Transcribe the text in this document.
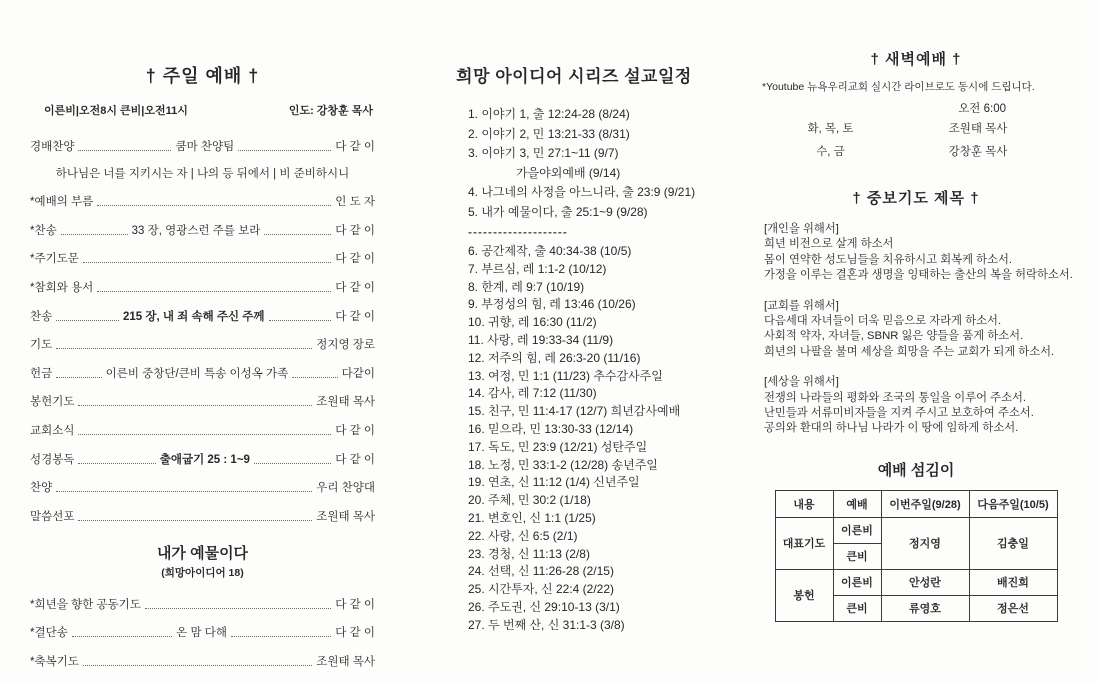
† 주일 예배 †
이른비|오전8시 큰비|오전11시	인도: 강창훈 목사
경배찬양	쿰마 찬양팀	다 같 이
하나님은 너를 지키시는 자 | 나의 등 뒤에서 | 비 준비하시니
*예배의 부름	인 도 자
*찬송	33 장, 영광스런 주를 보라	다 같 이
*주기도문	다 같 이
*참회와 용서	다 같 이
찬송	215 장, 내 죄 속해 주신 주께	다 같 이
기도	정지영 장로
헌금	이른비 중창단/큰비 특송 이성옥 가족	다같이
봉헌기도	조원태 목사
교회소식	다 같 이
성경봉독	출애굽기 25 : 1~9	다 같 이
찬양	우리 찬양대
말씀선포	조원태 목사
내가 예물이다
(희망아이디어 18)
*희년을 향한 공동기도	다 같 이
*결단송	온 맘 다해	다 같 이
*축복기도	조원태 목사
희망 아이디어 시리즈 설교일정
1. 이야기 1, 출 12:24-28 (8/24)
2. 이야기 2, 민 13:21-33 (8/31)
3. 이야기 3, 민 27:1~11 (9/7)
가을야외예배 (9/14)
4. 나그네의 사정을 아느니라, 출 23:9 (9/21)
5. 내가 예물이다, 출 25:1~9 (9/28)
--------------------
6. 공간제작, 출 40:34-38 (10/5)
7. 부르심, 레 1:1-2 (10/12)
8. 한계, 레 9:7 (10/19)
9. 부정성의 힘, 레 13:46 (10/26)
10. 귀향, 레 16:30 (11/2)
11. 사랑, 레 19:33-34 (11/9)
12. 저주의 힘, 레 26:3-20 (11/16)
13. 여정, 민 1:1 (11/23) 추수감사주일
14. 감사, 레 7:12 (11/30)
15. 친구, 민 11:4-17 (12/7) 희년감사예배
16. 믿으라, 민 13:30-33 (12/14)
17. 독도, 민 23:9 (12/21) 성탄주일
18. 노정, 민 33:1-2 (12/28) 송년주일
19. 연초, 신 11:12 (1/4) 신년주일
20. 주체, 민 30:2 (1/18)
21. 변호인, 신 1:1 (1/25)
22. 사랑, 신 6:5 (2/1)
23. 경청, 신 11:13 (2/8)
24. 선택, 신 11:26-28 (2/15)
25. 시간투자, 신 22:4 (2/22)
26. 주도권, 신 29:10-13 (3/1)
27. 두 번째 산, 신 31:1-3 (3/8)
† 새벽예배 †
*Youtube 뉴욕우리교회 실시간 라이브로도 동시에 드립니다.
오전 6:00
화, 목, 토	조원태 목사
수, 금	강창훈 목사
† 중보기도 제목 †
[개인을 위해서]
희년 비전으로 살게 하소서
몸이 연약한 성도님들을 치유하시고 회복케 하소서.
가정을 이루는 결혼과 생명을 잉태하는 출산의 복을 허락하소서.
[교회를 위해서]
다음세대 자녀들이 더욱 믿음으로 자라게 하소서.
사회적 약자, 자녀들, SBNR 잃은 양들을 품게 하소서.
희년의 나팔을 불며 세상을 희망을 주는 교회가 되게 하소서.
[세상을 위해서]
전쟁의 나라들의 평화와 조국의 통일을 이루어 주소서.
난민들과 서류미비자들을 지켜 주시고 보호하여 주소서.
공의와 환대의 하나님 나라가 이 땅에 임하게 하소서.
예배 섬김이
내용	예배	이번주일(9/28)	다음주일(10/5)
대표기도	이른비	정지영	김충일
	큰비		
봉헌	이른비	안성란	배진희
	큰비	류영호	정은선
